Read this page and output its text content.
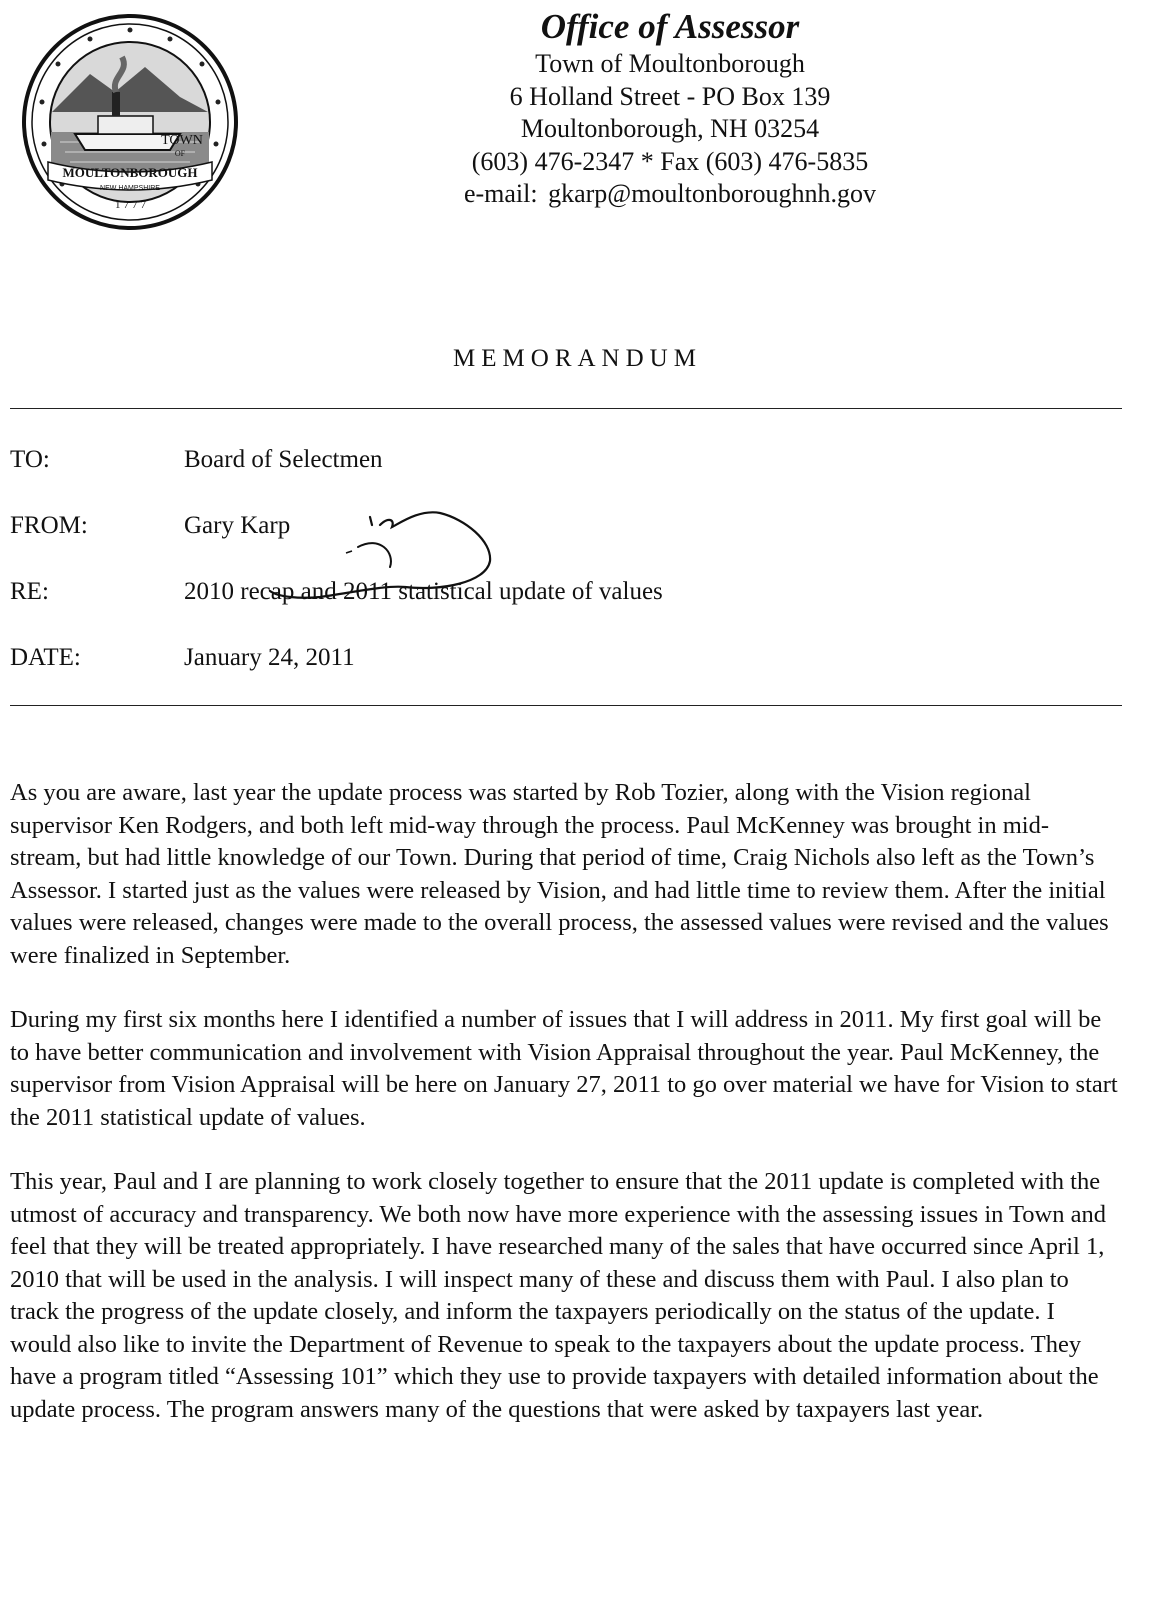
TOWN
OF
MOULTONBOROUGH
NEW HAMPSHIRE
1777
Office of Assessor
Town of Moultonborough
6 Holland Street - PO Box 139
Moultonborough, NH 03254
(603) 476-2347 * Fax (603) 476-5835
e-mail: gkarp@moultonboroughnh.gov
MEMORANDUM
TO:	Board of Selectmen
FROM:	Gary Karp
RE:	2010 recap and 2011 statistical update of values
DATE:	January 24, 2011

As you are aware, last year the update process was started by Rob Tozier, along with the Vision regional supervisor Ken Rodgers, and both left mid-way through the process. Paul McKenney was brought in mid-stream, but had little knowledge of our Town. During that period of time, Craig Nichols also left as the Town’s Assessor. I started just as the values were released by Vision, and had little time to review them. After the initial values were released, changes were made to the overall process, the assessed values were revised and the values were finalized in September.

During my first six months here I identified a number of issues that I will address in 2011. My first goal will be to have better communication and involvement with Vision Appraisal throughout the year. Paul McKenney, the supervisor from Vision Appraisal will be here on January 27, 2011 to go over material we have for Vision to start the 2011 statistical update of values.

This year, Paul and I are planning to work closely together to ensure that the 2011 update is completed with the utmost of accuracy and transparency. We both now have more experience with the assessing issues in Town and feel that they will be treated appropriately. I have researched many of the sales that have occurred since April 1, 2010 that will be used in the analysis. I will inspect many of these and discuss them with Paul. I also plan to track the progress of the update closely, and inform the taxpayers periodically on the status of the update. I would also like to invite the Department of Revenue to speak to the taxpayers about the update process. They have a program titled “Assessing 101” which they use to provide taxpayers with detailed information about the update process. The program answers many of the questions that were asked by taxpayers last year.
